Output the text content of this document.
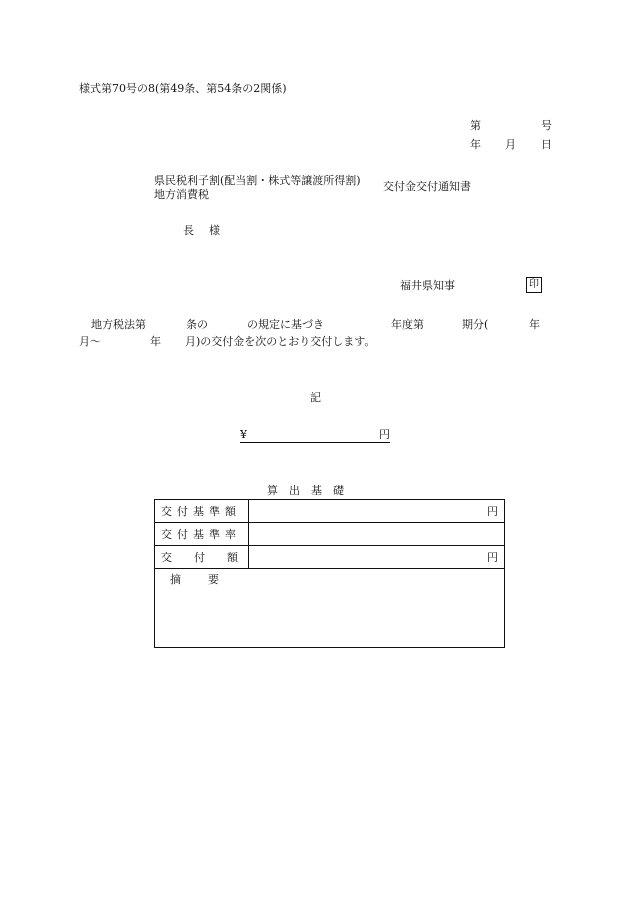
様式第70号の8(第49条、第54条の2関係)
第	号
年 月 日
県民税利子割(配当割・株式等譲渡所得割)
地方消費税
交付金交付通知書
長　様
福井県知事	印
地方税法第	条の	の規定に基づき	年度第	期分(	年
月～	年 月)の交付金を次のとおり交付します。
記
¥	円
算　出　基　礎
交付基準額	円
交付基準率	
交　　付　　額	円
摘　要	
